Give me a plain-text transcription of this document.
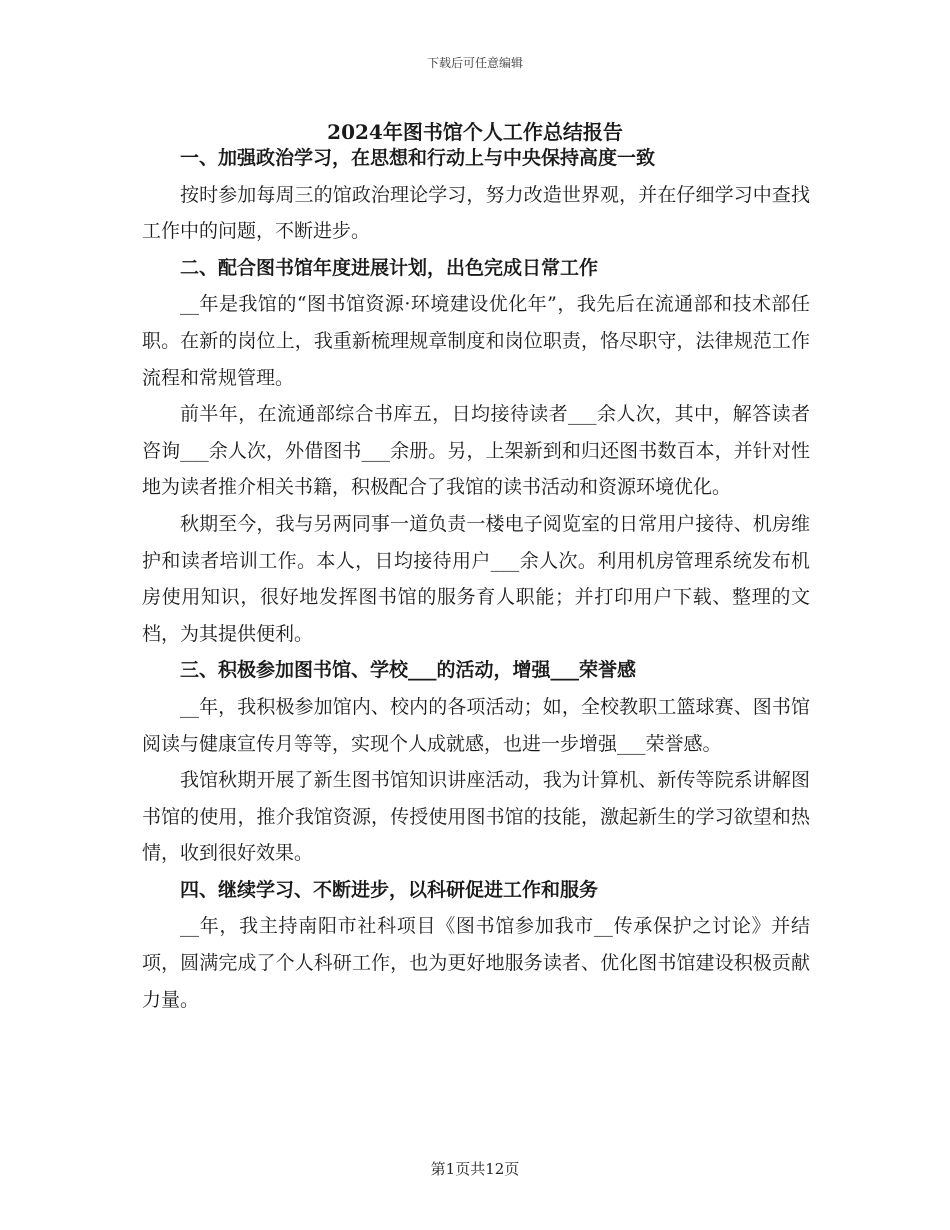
下载后可任意编辑
2024年图书馆个人工作总结报告

一、加强政治学习，在思想和行动上与中央保持高度一致

按时参加每周三的馆政治理论学习，努力改造世界观，并在仔细学习中查找工作中的问题，不断进步。

二、配合图书馆年度进展计划，出色完成日常工作

__年是我馆的“图书馆资源·环境建设优化年”，我先后在流通部和技术部任职。在新的岗位上，我重新梳理规章制度和岗位职责，恪尽职守，法律规范工作流程和常规管理。

前半年，在流通部综合书库五，日均接待读者___余人次，其中，解答读者咨询___余人次，外借图书___余册。另，上架新到和归还图书数百本，并针对性地为读者推介相关书籍，积极配合了我馆的读书活动和资源环境优化。

秋期至今，我与另两同事一道负责一楼电子阅览室的日常用户接待、机房维护和读者培训工作。本人，日均接待用户___余人次。利用机房管理系统发布机房使用知识，很好地发挥图书馆的服务育人职能；并打印用户下载、整理的文档，为其提供便利。

三、积极参加图书馆、学校___的活动，增强___荣誉感

__年，我积极参加馆内、校内的各项活动；如，全校教职工篮球赛、图书馆阅读与健康宣传月等等，实现个人成就感，也进一步增强___荣誉感。

我馆秋期开展了新生图书馆知识讲座活动，我为计算机、新传等院系讲解图书馆的使用，推介我馆资源，传授使用图书馆的技能，激起新生的学习欲望和热情，收到很好效果。

四、继续学习、不断进步，以科研促进工作和服务

__年，我主持南阳市社科项目《图书馆参加我市__传承保护之讨论》并结项，圆满完成了个人科研工作，也为更好地服务读者、优化图书馆建设积极贡献力量。

第1页共12页
